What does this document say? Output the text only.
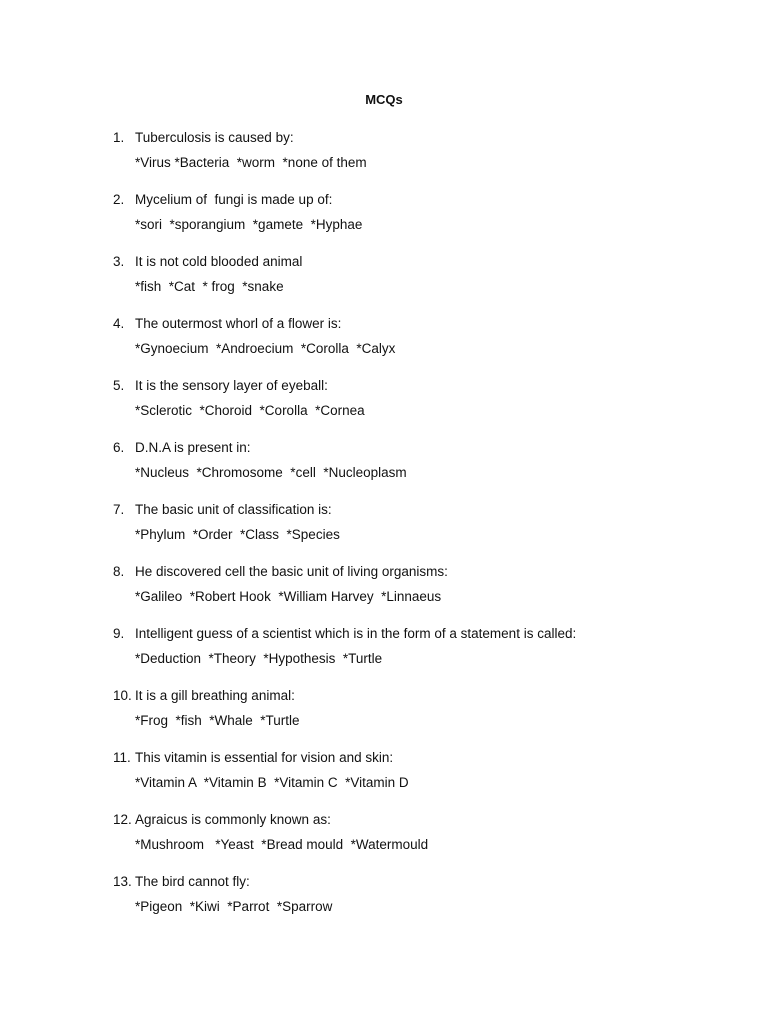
MCQs
1. Tuberculosis is caused by:
*Virus *Bacteria  *worm  *none of them
2. Mycelium of  fungi is made up of:
*sori  *sporangium  *gamete  *Hyphae
3. It is not cold blooded animal
*fish  *Cat  * frog  *snake
4. The outermost whorl of a flower is:
*Gynoecium  *Androecium  *Corolla  *Calyx
5. It is the sensory layer of eyeball:
*Sclerotic  *Choroid  *Corolla  *Cornea
6. D.N.A is present in:
*Nucleus  *Chromosome  *cell  *Nucleoplasm
7. The basic unit of classification is:
*Phylum  *Order  *Class  *Species
8. He discovered cell the basic unit of living organisms:
*Galileo  *Robert Hook  *William Harvey  *Linnaeus
9. Intelligent guess of a scientist which is in the form of a statement is called:
*Deduction  *Theory  *Hypothesis  *Turtle
10. It is a gill breathing animal:
*Frog  *fish  *Whale  *Turtle
11. This vitamin is essential for vision and skin:
*Vitamin A  *Vitamin B  *Vitamin C  *Vitamin D
12. Agraicus is commonly known as:
*Mushroom   *Yeast  *Bread mould  *Watermould
13. The bird cannot fly:
*Pigeon  *Kiwi  *Parrot  *Sparrow
